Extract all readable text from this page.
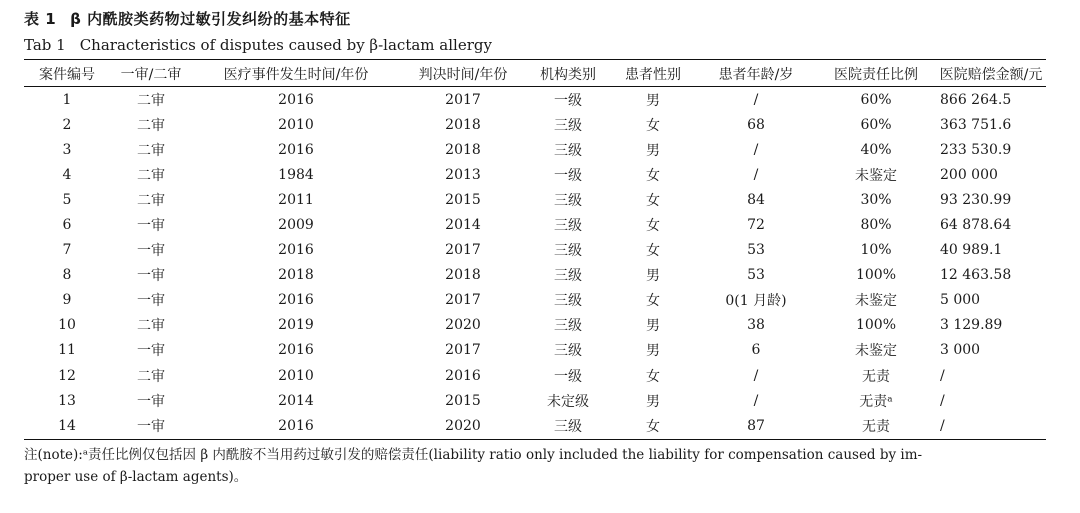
表 1 β 内酰胺类药物过敏引发纠纷的基本特征
Tab 1 Characteristics of disputes caused by β-lactam allergy
案件编号	一审/二审	医疗事件发生时间/年份	判决时间/年份	机构类别	患者性别	患者年龄/岁	医院责任比例	医院赔偿金额/元
1	二审	2016	2017	一级	男	/	60%	866 264.5
2	二审	2010	2018	三级	女	68	60%	363 751.6
3	二审	2016	2018	三级	男	/	40%	233 530.9
4	二审	1984	2013	一级	女	/	未鉴定	200 000
5	二审	2011	2015	三级	女	84	30%	93 230.99
6	一审	2009	2014	三级	女	72	80%	64 878.64
7	一审	2016	2017	三级	女	53	10%	40 989.1
8	一审	2018	2018	三级	男	53	100%	12 463.58
9	一审	2016	2017	三级	女	0(1 月龄)	未鉴定	5 000
10	二审	2019	2020	三级	男	38	100%	3 129.89
11	一审	2016	2017	三级	男	6	未鉴定	3 000
12	二审	2010	2016	一级	女	/	无责	/
13	一审	2014	2015	未定级	男	/	无责ᵃ	/
14	一审	2016	2020	三级	女	87	无责	/
注(note):ᵃ责任比例仅包括因 β 内酰胺不当用药过敏引发的赔偿责任(liability ratio only included the liability for compensation caused by im-
proper use of β-lactam agents)。
